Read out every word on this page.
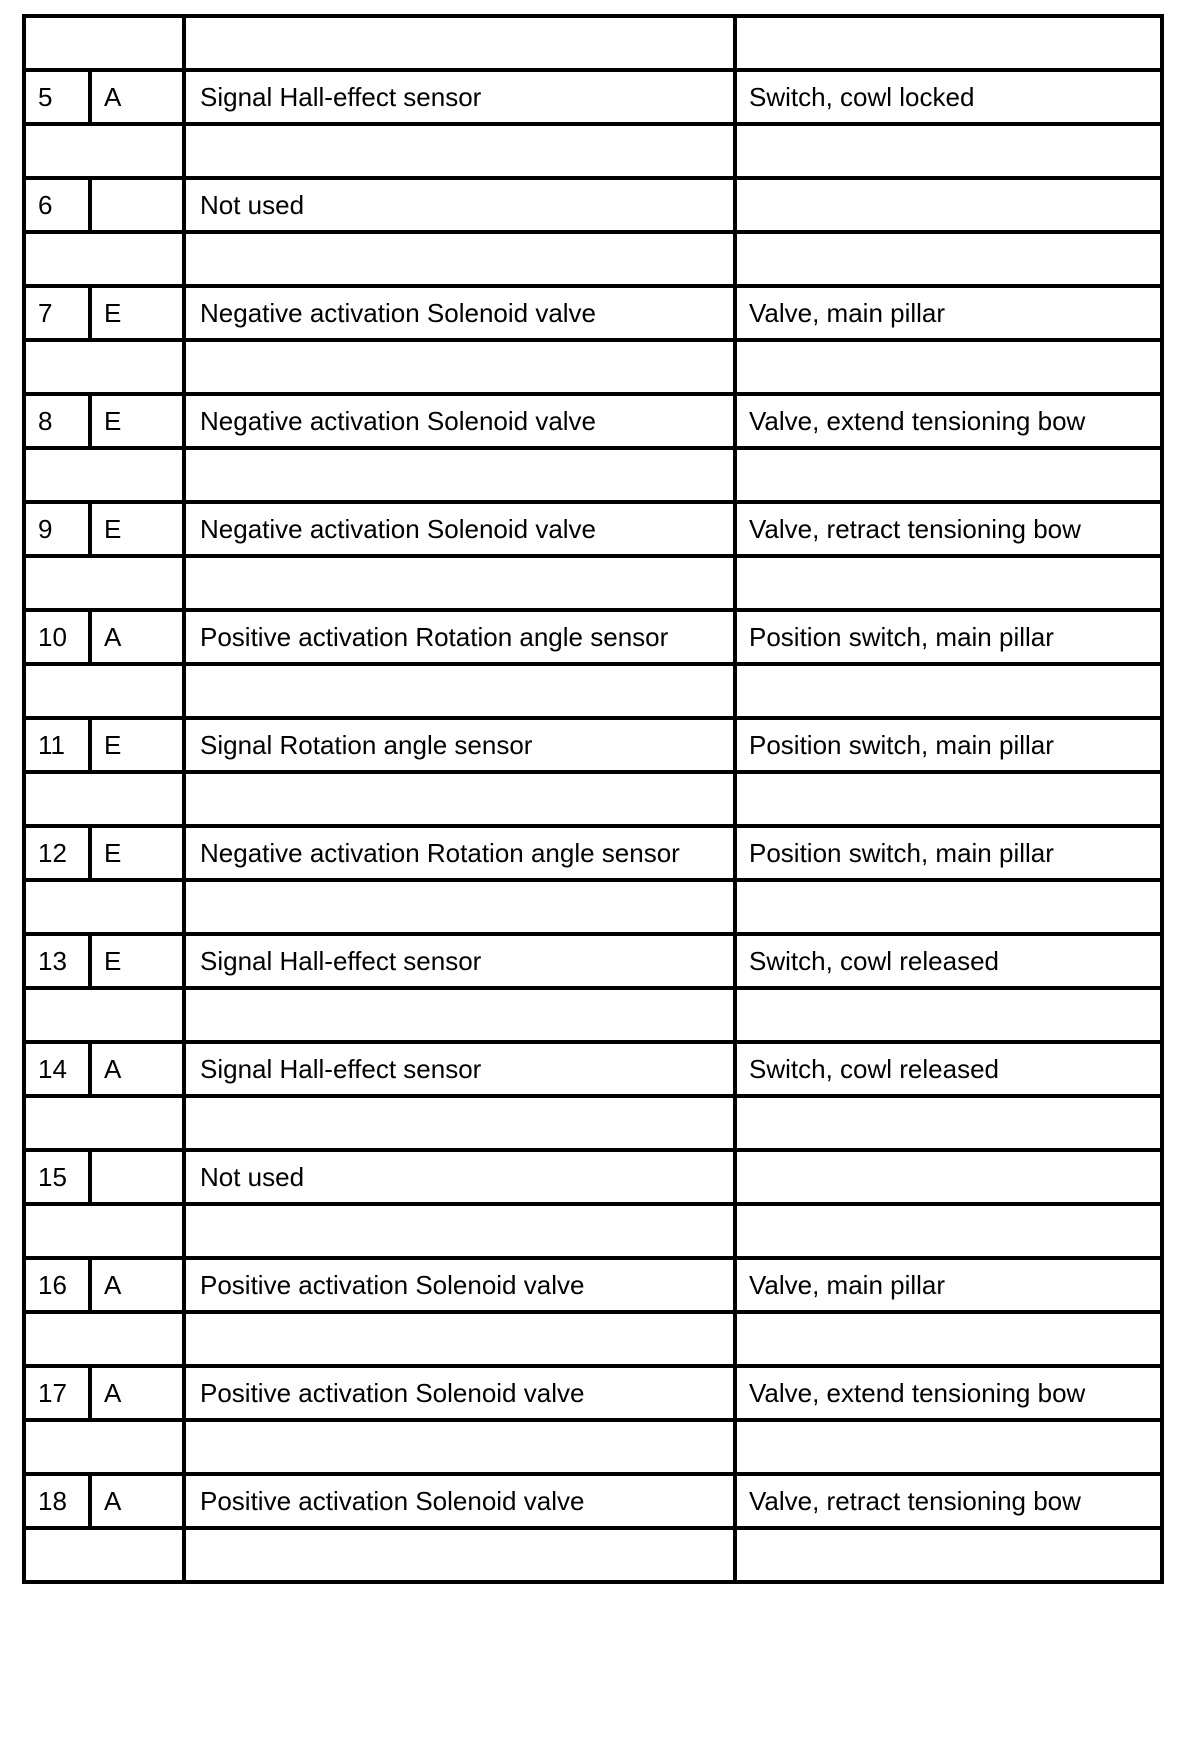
5	A	Signal Hall-effect sensor	Switch, cowl locked

6		Not used	

7	E	Negative activation Solenoid valve	Valve, main pillar

8	E	Negative activation Solenoid valve	Valve, extend tensioning bow

9	E	Negative activation Solenoid valve	Valve, retract tensioning bow

10	A	Positive activation Rotation angle sensor	Position switch, main pillar

11	E	Signal Rotation angle sensor	Position switch, main pillar

12	E	Negative activation Rotation angle sensor	Position switch, main pillar

13	E	Signal Hall-effect sensor	Switch, cowl released

14	A	Signal Hall-effect sensor	Switch, cowl released

15		Not used	

16	A	Positive activation Solenoid valve	Valve, main pillar

17	A	Positive activation Solenoid valve	Valve, extend tensioning bow

18	A	Positive activation Solenoid valve	Valve, retract tensioning bow
